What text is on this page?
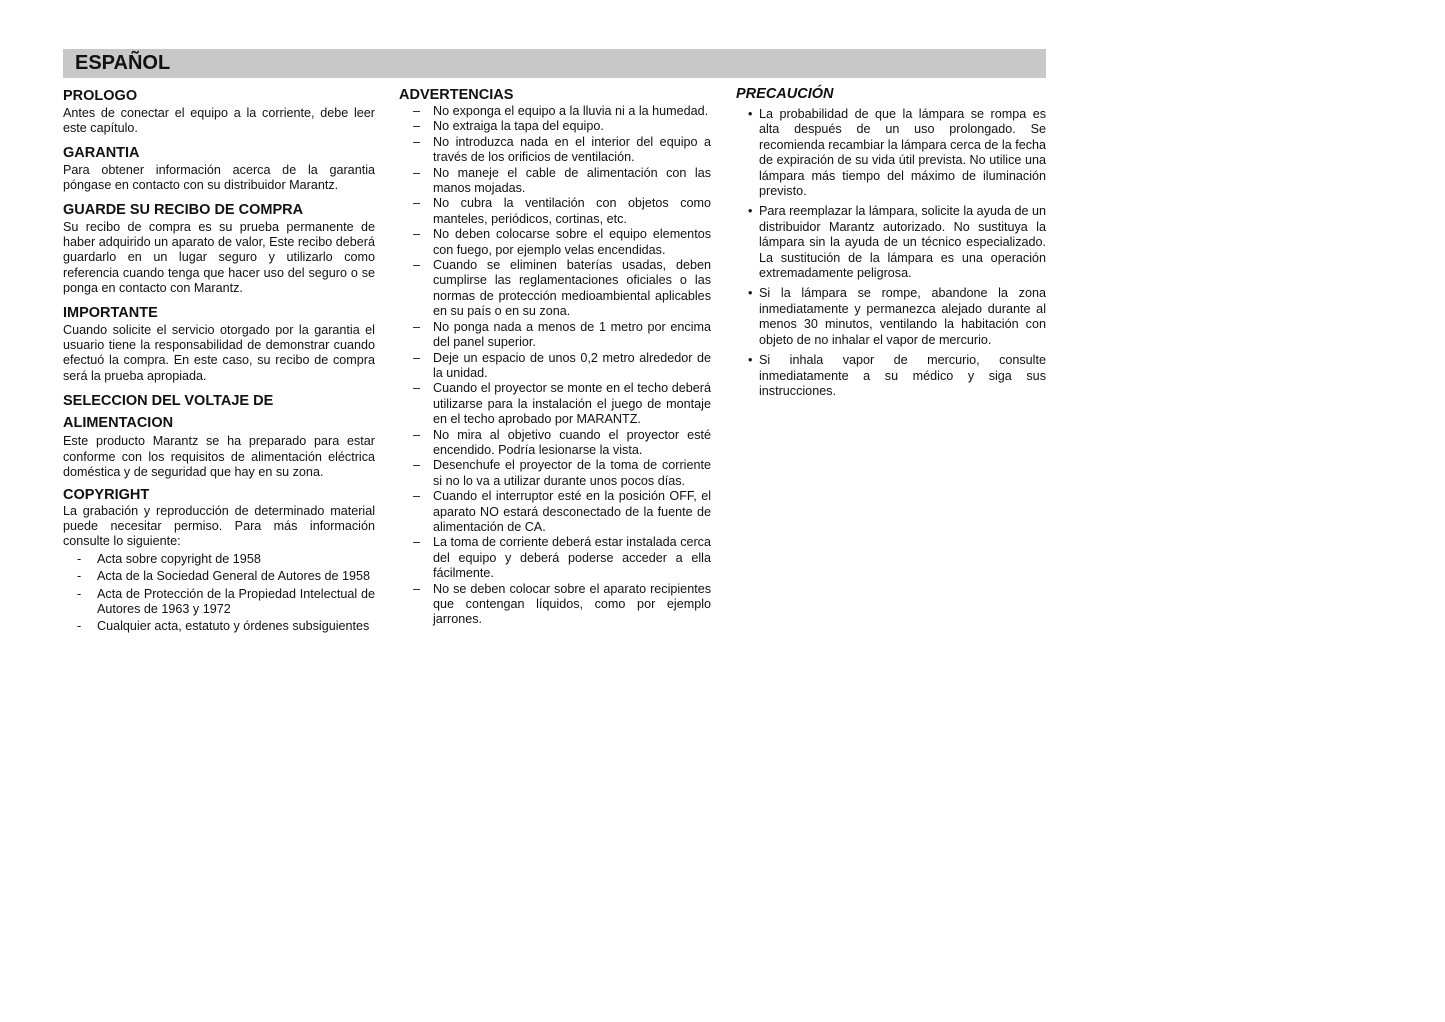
ESPAÑOL
PROLOGO

Antes de conectar el equipo a la corriente, debe leer este capítulo.

GARANTIA

Para obtener información acerca de la garantia póngase en contacto con su distribuidor Marantz.

GUARDE SU RECIBO DE COMPRA

Su recibo de compra es su prueba permanente de haber adquirido un aparato de valor, Este recibo deberá guardarlo en un lugar seguro y utilizarlo como referencia cuando tenga que hacer uso del seguro o se ponga en contacto con Marantz.

IMPORTANTE

Cuando solicite el servicio otorgado por la garantia el usuario tiene la responsabilidad de demonstrar cuando efectuó la compra. En este caso, su recibo de compra será la prueba apropiada.

SELECCION DEL VOLTAJE DE ALIMENTACION

Este producto Marantz se ha preparado para estar conforme con los requisitos de alimentación eléctrica doméstica y de seguridad que hay en su zona.

COPYRIGHT

La grabación y reproducción de determinado material puede necesitar permiso. Para más información consulte lo siguiente:

- Acta sobre copyright de 1958
- Acta de la Sociedad General de Autores de 1958
- Acta de Protección de la Propiedad Intelectual de Autores de 1963 y 1972
- Cualquier acta, estatuto y órdenes subsiguientes
ADVERTENCIAS
– No exponga el equipo a la lluvia ni a la humedad.
– No extraiga la tapa del equipo.
– No introduzca nada en el interior del equipo a través de los orificios de ventilación.
– No maneje el cable de alimentación con las manos mojadas.
– No cubra la ventilación con objetos como manteles, periódicos, cortinas, etc.
– No deben colocarse sobre el equipo elementos con fuego, por ejemplo velas encendidas.
– Cuando se eliminen baterías usadas, deben cumplirse las reglamentaciones oficiales o las normas de protección medioambiental aplicables en su país o en su zona.
– No ponga nada a menos de 1 metro por encima del panel superior.
– Deje un espacio de unos 0,2 metro alrededor de la unidad.
– Cuando el proyector se monte en el techo deberá utilizarse para la instalación el juego de montaje en el techo aprobado por MARANTZ.
– No mira al objetivo cuando el proyector esté encendido. Podría lesionarse la vista.
– Desenchufe el proyector de la toma de corriente si no lo va a utilizar durante unos pocos días.
– Cuando el interruptor esté en la posición OFF, el aparato NO estará desconectado de la fuente de alimentación de CA.
– La toma de corriente deberá estar instalada cerca del equipo y deberá poderse acceder a ella fácilmente.
– No se deben colocar sobre el aparato recipientes que contengan líquidos, como por ejemplo jarrones.
PRECAUCIÓN
• La probabilidad de que la lámpara se rompa es alta después de un uso prolongado. Se recomienda recambiar la lámpara cerca de la fecha de expiración de su vida útil prevista. No utilice una lámpara más tiempo del máximo de iluminación previsto.
• Para reemplazar la lámpara, solicite la ayuda de un distribuidor Marantz autorizado. No sustituya la lámpara sin la ayuda de un técnico especializado. La sustitución de la lámpara es una operación extremadamente peligrosa.
• Si la lámpara se rompe, abandone la zona inmediatamente y permanezca alejado durante al menos 30 minutos, ventilando la habitación con objeto de no inhalar el vapor de mercurio.
• Si inhala vapor de mercurio, consulte inmediatamente a su médico y siga sus instrucciones.
